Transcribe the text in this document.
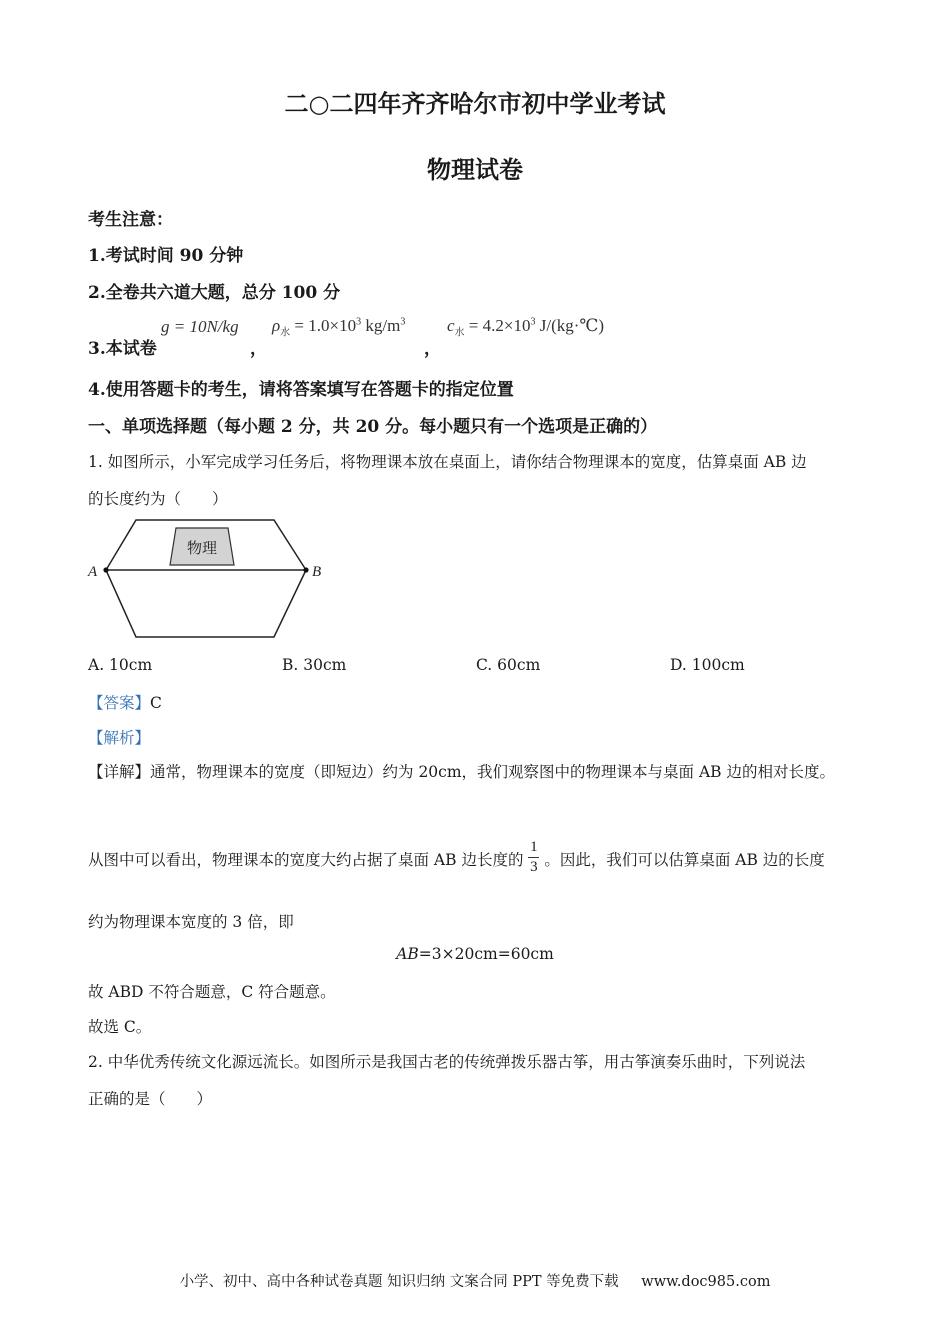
二○二四年齐齐哈尔市初中学业考试
物理试卷
考生注意：
1.考试时间 90 分钟
2.全卷共六道大题，总分 100 分
3.本试卷
g = 10N/kg
，
$\rho_水 = 1.0\times 10^3$ $kg/m^3$
，
$c_水 = 4.2\times 10^3$ J/(kg·℃)
4.使用答题卡的考生，请将答案填写在答题卡的指定位置
一、单项选择题（每小题 2 分，共 20 分。每小题只有一个选项是正确的）
1. 如图所示，小军完成学习任务后，将物理课本放在桌面上，请你结合物理课本的宽度，估算桌面 AB 边
的长度约为（　　）
物理
A	B
A. 10cm	B. 30cm	C. 60cm	D. 100cm
【答案】C
【解析】
【详解】通常，物理课本的宽度（即短边）约为 20cm，我们观察图中的物理课本与桌面 AB 边的相对长度。
从图中可以看出，物理课本的宽度大约占据了桌面 AB 边长度的 $\frac{1}{3}$ 。因此，我们可以估算桌面 AB 边的长度
约为物理课本宽度的 3 倍，即
AB=3×20cm=60cm
故 ABD 不符合题意，C 符合题意。
故选 C。
2. 中华优秀传统文化源远流长。如图所示是我国古老的传统弹拨乐器古筝，用古筝演奏乐曲时，下列说法
正确的是（　　）
小学、初中、高中各种试卷真题 知识归纳 文案合同 PPT 等免费下载 www.doc985.com
